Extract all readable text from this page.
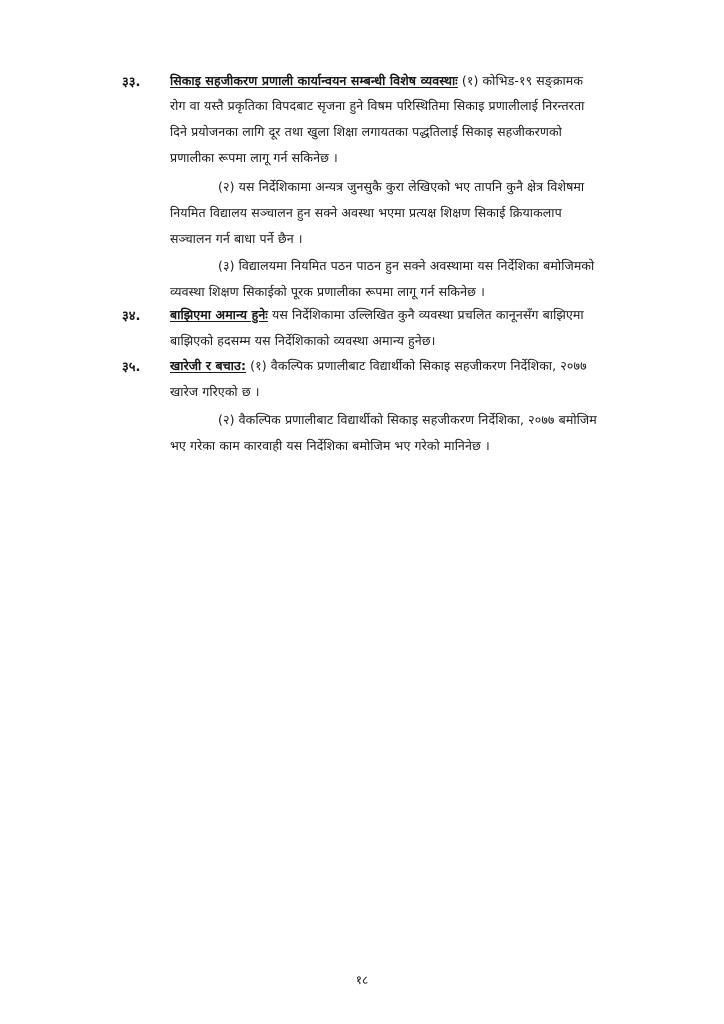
३३. सिकाइ सहजीकरण प्रणाली कार्यान्वयन सम्बन्धी विशेष व्यवस्थाः (१) कोभिड-१९ सङ्‌क्रामक
रोग वा यस्तै प्रकृतिका विपदबाट सृजना हुने विषम परिस्थितिमा सिकाइ प्रणालीलाई निरन्तरता
दिने प्रयोजनका लागि दूर तथा खुला शिक्षा लगायतका पद्धतिलाई सिकाइ सहजीकरणको
प्रणालीका रूपमा लागू गर्न सकिनेछ ।
(२) यस निर्देशिकामा अन्यत्र जुनसुकै कुरा लेखिएको भए तापनि कुनै क्षेत्र विशेषमा
नियमित विद्यालय सञ्चालन हुन सक्ने अवस्था भएमा प्रत्यक्ष शिक्षण सिकाई क्रियाकलाप
सञ्चालन गर्न बाधा पर्ने छैन ।
(३) विद्यालयमा नियमित पठन पाठन हुन सक्ने अवस्थामा यस निर्देशिका बमोजिमको
व्यवस्था शिक्षण सिकाईको पूरक प्रणालीका रूपमा लागू गर्न सकिनेछ ।
३४. बाझिएमा अमान्य हुनेः यस निर्देशिकामा उल्लिखित कुनै व्यवस्था प्रचलित कानूनसँग बाझिएमा
बाझिएको हदसम्म यस निर्देशिकाको व्यवस्था अमान्य हुनेछ।
३५. खारेजी र बचाउ: (१) वैकल्पिक प्रणालीबाट विद्यार्थीको सिकाइ सहजीकरण निर्देशिका, २०७७
खारेज गरिएको छ ।
(२) वैकल्पिक प्रणालीबाट विद्यार्थीको सिकाइ सहजीकरण निर्देशिका, २०७७ बमोजिम
भए गरेका काम कारवाही यस निर्देशिका बमोजिम भए गरेको मानिनेछ ।
१८
